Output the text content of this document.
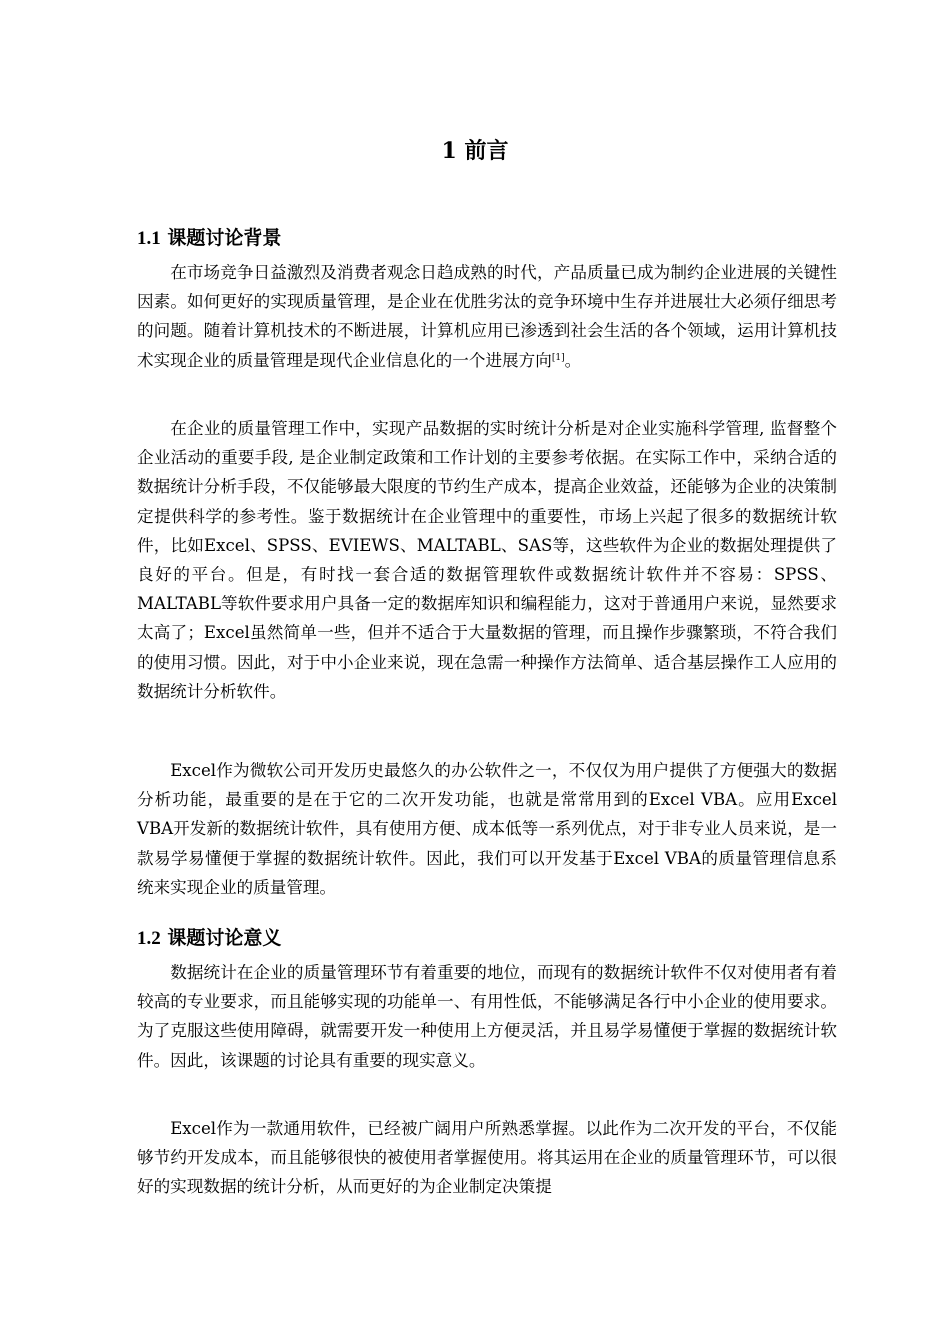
1 前言
1.1 课题讨论背景

在市场竞争日益激烈及消费者观念日趋成熟的时代，产品质量已成为制约企业进展的关键性因素。如何更好的实现质量管理，是企业在优胜劣汰的竞争环境中生存并进展壮大必须仔细思考的问题。随着计算机技术的不断进展，计算机应用已渗透到社会生活的各个领域，运用计算机技术实现企业的质量管理是现代企业信息化的一个进展方向[1]。

在企业的质量管理工作中，实现产品数据的实时统计分析是对企业实施科学管理, 监督整个企业活动的重要手段, 是企业制定政策和工作计划的主要参考依据。在实际工作中，采纳合适的数据统计分析手段，不仅能够最大限度的节约生产成本，提高企业效益，还能够为企业的决策制定提供科学的参考性。鉴于数据统计在企业管理中的重要性，市场上兴起了很多的数据统计软件，比如Excel、SPSS、EVIEWS、MALTABL、SAS等，这些软件为企业的数据处理提供了良好的平台。但是，有时找一套合适的数据管理软件或数据统计软件并不容易：SPSS、MALTABL等软件要求用户具备一定的数据库知识和编程能力，这对于普通用户来说，显然要求太高了；Excel虽然简单一些，但并不适合于大量数据的管理，而且操作步骤繁琐，不符合我们的使用习惯。因此，对于中小企业来说，现在急需一种操作方法简单、适合基层操作工人应用的数据统计分析软件。

Excel作为微软公司开发历史最悠久的办公软件之一，不仅仅为用户提供了方便强大的数据分析功能，最重要的是在于它的二次开发功能，也就是常常用到的Excel VBA。应用Excel VBA开发新的数据统计软件，具有使用方便、成本低等一系列优点，对于非专业人员来说，是一款易学易懂便于掌握的数据统计软件。因此，我们可以开发基于Excel VBA的质量管理信息系统来实现企业的质量管理。

1.2 课题讨论意义

数据统计在企业的质量管理环节有着重要的地位，而现有的数据统计软件不仅对使用者有着较高的专业要求，而且能够实现的功能单一、有用性低，不能够满足各行中小企业的使用要求。为了克服这些使用障碍，就需要开发一种使用上方便灵活，并且易学易懂便于掌握的数据统计软件。因此，该课题的讨论具有重要的现实意义。

Excel作为一款通用软件，已经被广阔用户所熟悉掌握。以此作为二次开发的平台，不仅能够节约开发成本，而且能够很快的被使用者掌握使用。将其运用在企业的质量管理环节，可以很好的实现数据的统计分析，从而更好的为企业制定决策提
